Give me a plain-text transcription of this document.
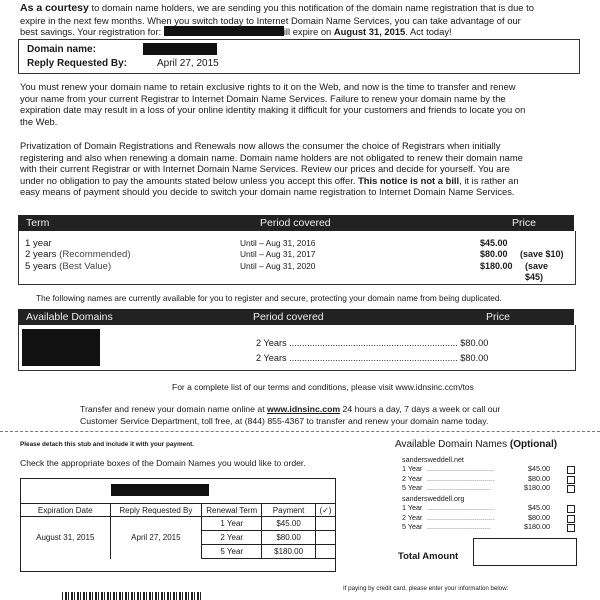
As a courtesy to domain name holders, we are sending you this notification of the domain name registration that is due to
expire in the next few months. When you switch today to Internet Domain Name Services, you can take advantage of our
best savings. Your registration for:	ill expire on August 31, 2015. Act today!
Domain name:
Reply Requested By:	April 27, 2015
You must renew your domain name to retain exclusive rights to it on the Web, and now is the time to transfer and renew
your name from your current Registrar to Internet Domain Name Services. Failure to renew your domain name by the
expiration date may result in a loss of your online identity making it difficult for your customers and friends to locate you on
the Web.
Privatization of Domain Registrations and Renewals now allows the consumer the choice of Registrars when initially
registering and also when renewing a domain name. Domain name holders are not obligated to renew their domain name
with their current Registrar or with Internet Domain Name Services. Review our prices and decide for yourself. You are
under no obligation to pay the amounts stated below unless you accept this offer. This notice is not a bill, it is rather an
easy means of payment should you decide to switch your domain name registration to Internet Domain Name Services.
Term	Period covered	Price
1 year	Until – Aug 31, 2016	$45.00
2 years (Recommended)	Until – Aug 31, 2017	$80.00 (save $10)
5 years (Best Value)	Until – Aug 31, 2020	$180.00 (save $45)
The following names are currently available for you to register and secure, protecting your domain name from being duplicated.
Available Domains	Period covered	Price
2 Years .................................................................. $80.00
2 Years .................................................................. $80.00
For a complete list of our terms and conditions, please visit www.idnsinc.ccm/tos
Transfer and renew your domain name online at www.idnsinc.com 24 hours a day, 7 days a week or call our
Customer Service Department, toll free, at (844) 855-4367 to transfer and renew your domain name today.
Please detach this stub and include it with your payment.
Check the appropriate boxes of the Domain Names you would like to order.
Expiration Date	Reply Requested By	Renewal Term	Payment	(✓)
August 31, 2015	April 27, 2015	1 Year	$45.00	
		2 Year	$80.00	
		5 Year	$180.00	
Available Domain Names (Optional)
sandersweddell.net
1 Year ..................................	$45.00
2 Year ..................................	$80.00
5 Year ................................	$180.00
sandersweddell.org
1 Year ..................................	$45.00
2 Year ..................................	$80.00
5 Year ................................	$180.00
Total Amount
If paying by credit card, please enter your information below:
